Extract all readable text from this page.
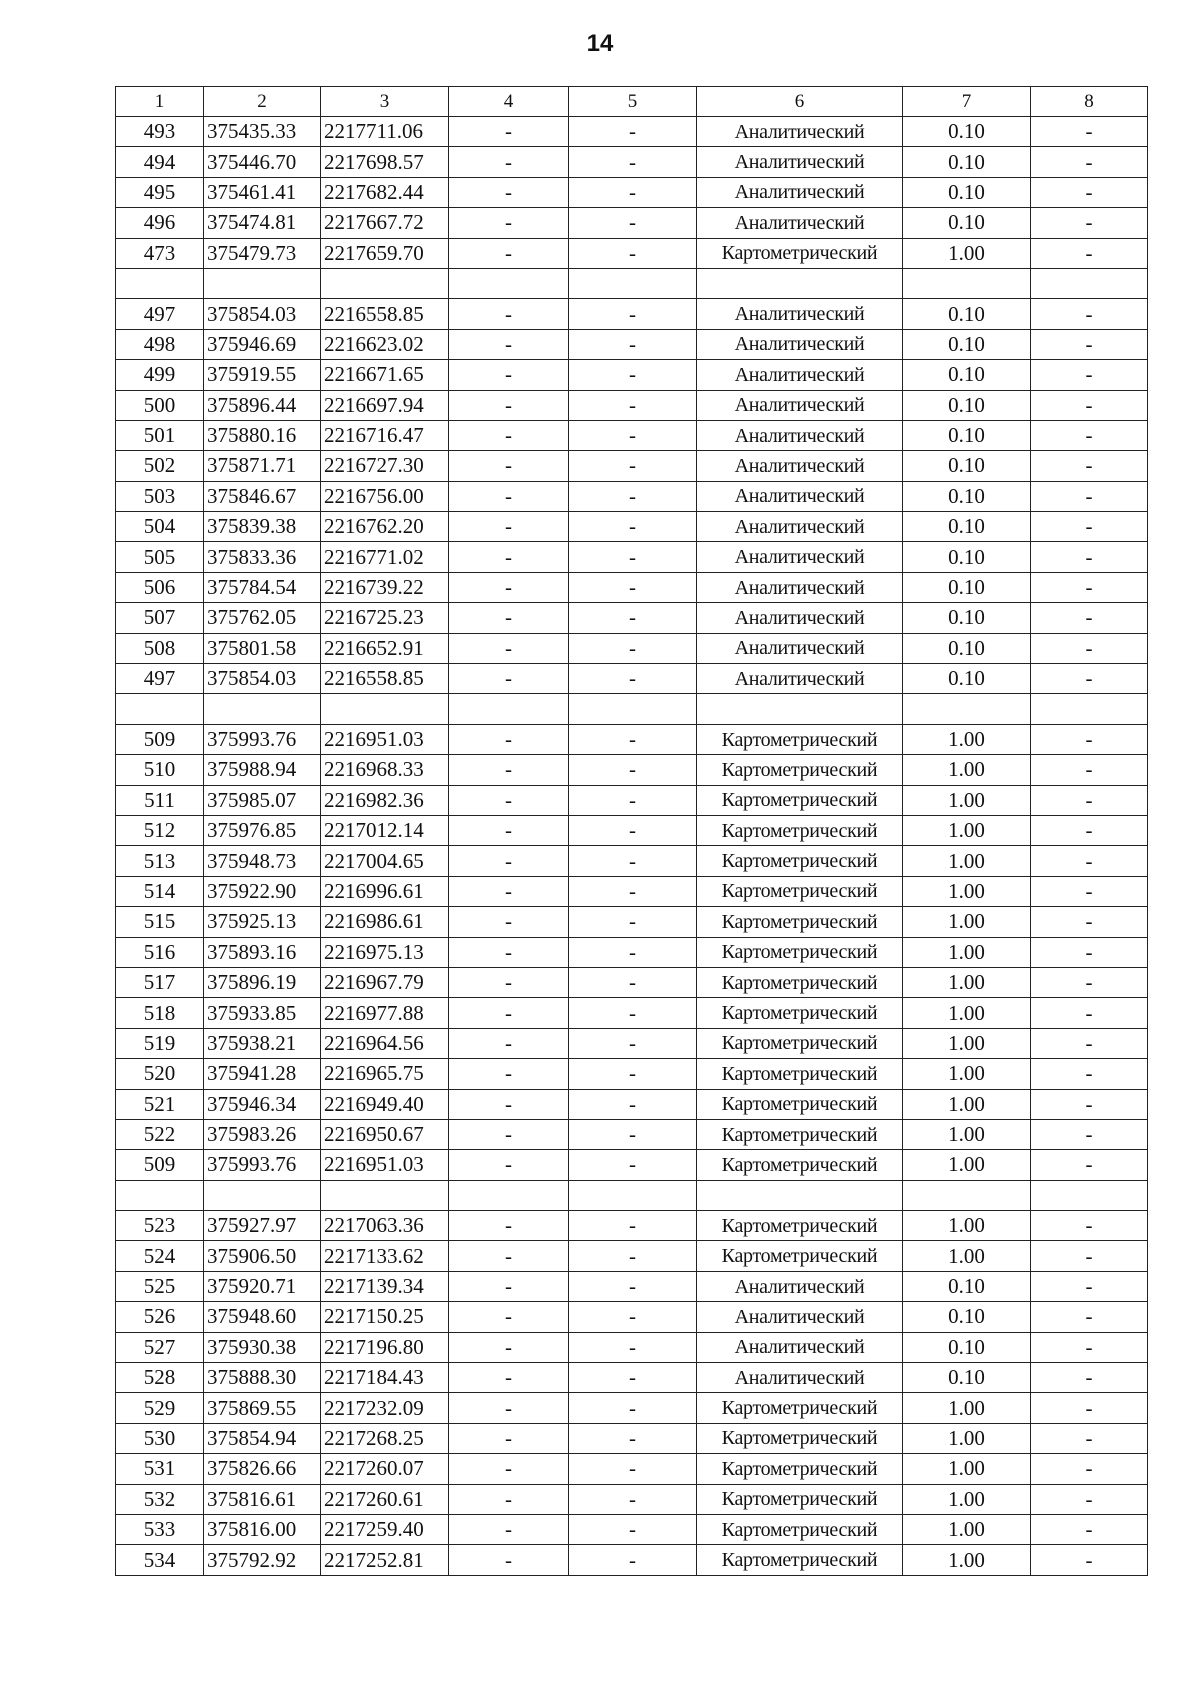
14
1	2	3	4	5	6	7	8
493	375435.33	2217711.06	-	-	Аналитический	0.10	-
494	375446.70	2217698.57	-	-	Аналитический	0.10	-
495	375461.41	2217682.44	-	-	Аналитический	0.10	-
496	375474.81	2217667.72	-	-	Аналитический	0.10	-
473	375479.73	2217659.70	-	-	Картометрический	1.00	-

497	375854.03	2216558.85	-	-	Аналитический	0.10	-
498	375946.69	2216623.02	-	-	Аналитический	0.10	-
499	375919.55	2216671.65	-	-	Аналитический	0.10	-
500	375896.44	2216697.94	-	-	Аналитический	0.10	-
501	375880.16	2216716.47	-	-	Аналитический	0.10	-
502	375871.71	2216727.30	-	-	Аналитический	0.10	-
503	375846.67	2216756.00	-	-	Аналитический	0.10	-
504	375839.38	2216762.20	-	-	Аналитический	0.10	-
505	375833.36	2216771.02	-	-	Аналитический	0.10	-
506	375784.54	2216739.22	-	-	Аналитический	0.10	-
507	375762.05	2216725.23	-	-	Аналитический	0.10	-
508	375801.58	2216652.91	-	-	Аналитический	0.10	-
497	375854.03	2216558.85	-	-	Аналитический	0.10	-

509	375993.76	2216951.03	-	-	Картометрический	1.00	-
510	375988.94	2216968.33	-	-	Картометрический	1.00	-
511	375985.07	2216982.36	-	-	Картометрический	1.00	-
512	375976.85	2217012.14	-	-	Картометрический	1.00	-
513	375948.73	2217004.65	-	-	Картометрический	1.00	-
514	375922.90	2216996.61	-	-	Картометрический	1.00	-
515	375925.13	2216986.61	-	-	Картометрический	1.00	-
516	375893.16	2216975.13	-	-	Картометрический	1.00	-
517	375896.19	2216967.79	-	-	Картометрический	1.00	-
518	375933.85	2216977.88	-	-	Картометрический	1.00	-
519	375938.21	2216964.56	-	-	Картометрический	1.00	-
520	375941.28	2216965.75	-	-	Картометрический	1.00	-
521	375946.34	2216949.40	-	-	Картометрический	1.00	-
522	375983.26	2216950.67	-	-	Картометрический	1.00	-
509	375993.76	2216951.03	-	-	Картометрический	1.00	-

523	375927.97	2217063.36	-	-	Картометрический	1.00	-
524	375906.50	2217133.62	-	-	Картометрический	1.00	-
525	375920.71	2217139.34	-	-	Аналитический	0.10	-
526	375948.60	2217150.25	-	-	Аналитический	0.10	-
527	375930.38	2217196.80	-	-	Аналитический	0.10	-
528	375888.30	2217184.43	-	-	Аналитический	0.10	-
529	375869.55	2217232.09	-	-	Картометрический	1.00	-
530	375854.94	2217268.25	-	-	Картометрический	1.00	-
531	375826.66	2217260.07	-	-	Картометрический	1.00	-
532	375816.61	2217260.61	-	-	Картометрический	1.00	-
533	375816.00	2217259.40	-	-	Картометрический	1.00	-
534	375792.92	2217252.81	-	-	Картометрический	1.00	-
